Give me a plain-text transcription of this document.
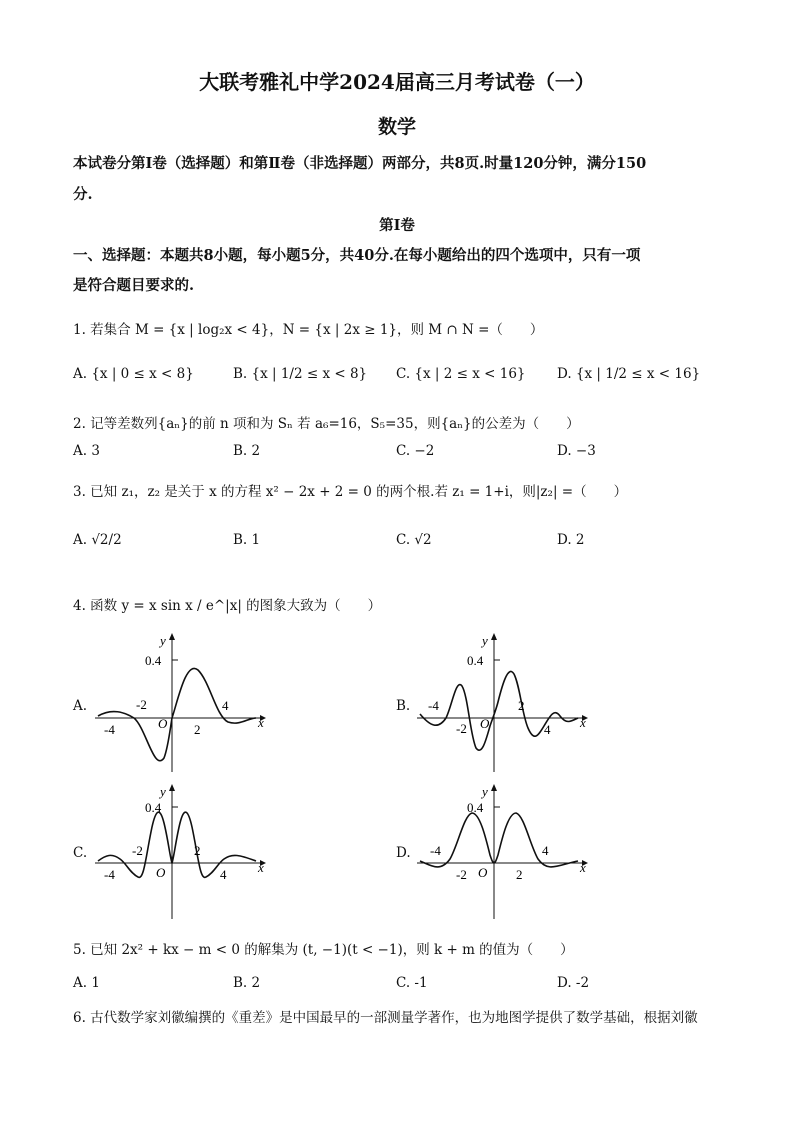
大联考雅礼中学2024届高三月考试卷（一）
数学
本试卷分第Ⅰ卷（选择题）和第Ⅱ卷（非选择题）两部分，共8页.时量120分钟，满分150
分.
第Ⅰ卷
一、选择题：本题共8小题，每小题5分，共40分.在每小题给出的四个选项中，只有一项
是符合题目要求的.
1. 若集合 M = {x | log₂x < 4}，N = {x | 2x ≥ 1}，则 M ∩ N =（　　）
A. {x | 0 ≤ x < 8}	B. {x | 1/2 ≤ x < 8} C. {x | 2 ≤ x < 16} D. {x | 1/2 ≤ x < 16}
2. 记等差数列{aₙ}的前 n 项和为 Sₙ 若 a₆=16，S₅=35，则{aₙ}的公差为（　　）
A. 3	B. 2	C. −2	D. −3
3. 已知 z₁，z₂ 是关于 x 的方程 x² − 2x + 2 = 0 的两个根.若 z₁ = 1+i，则|z₂| =（　　）
A. √2/2	B. 1	C. √2	D. 2
4. 函数 y = x sin x / e^|x| 的图象大致为（　　）
A.	B.
C.	D.
x
y
0.4
-2
-4	O 2
4
x
y
0.4
-4
-2 O
2
4
x
y
0.4
-2
-4	O
2
4	x
y
0.4
-4
-2 O 2
4
5. 已知 2x² + kx − m < 0 的解集为 (t, −1)(t < −1)，则 k + m 的值为（　　）
A. 1	B. 2	C. -1	D. -2
6. 古代数学家刘徽编撰的《重差》是中国最早的一部测量学著作，也为地图学提供了数学基础，根据刘徽
